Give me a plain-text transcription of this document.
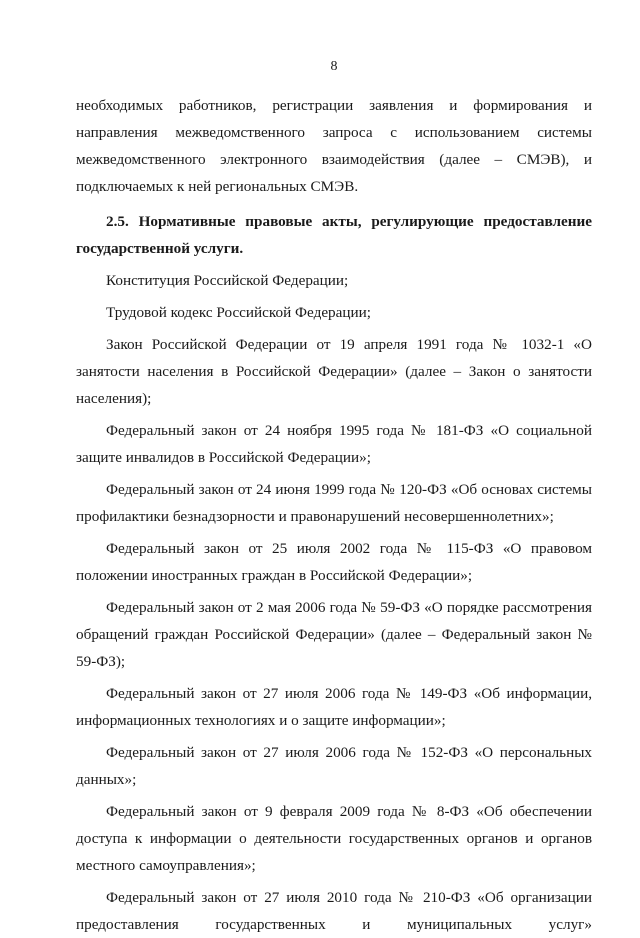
8

необходимых работников, регистрации заявления и формирования и направления межведомственного запроса с использованием системы межведомственного электронного взаимодействия (далее – СМЭВ), и подключаемых к ней региональных СМЭВ.

2.5. Нормативные правовые акты, регулирующие предоставление государственной услуги.

Конституция Российской Федерации;

Трудовой кодекс Российской Федерации;

Закон Российской Федерации от 19 апреля 1991 года № 1032-1 «О занятости населения в Российской Федерации» (далее – Закон о занятости населения);

Федеральный закон от 24 ноября 1995 года № 181-ФЗ «О социальной защите инвалидов в Российской Федерации»;

Федеральный закон от 24 июня 1999 года № 120-ФЗ «Об основах системы профилактики безнадзорности и правонарушений несовершеннолетних»;

Федеральный закон от 25 июля 2002 года № 115-ФЗ «О правовом положении иностранных граждан в Российской Федерации»;

Федеральный закон от 2 мая 2006 года № 59-ФЗ «О порядке рассмотрения обращений граждан Российской Федерации» (далее – Федеральный закон № 59-ФЗ);

Федеральный закон от 27 июля 2006 года № 149-ФЗ «Об информации, информационных технологиях и о защите информации»;

Федеральный закон от 27 июля 2006 года № 152-ФЗ «О персональных данных»;

Федеральный закон от 9 февраля 2009 года № 8-ФЗ «Об обеспечении доступа к информации о деятельности государственных органов и органов местного самоуправления»;

Федеральный закон от 27 июля 2010 года № 210-ФЗ «Об организации предоставления государственных и муниципальных услуг»
